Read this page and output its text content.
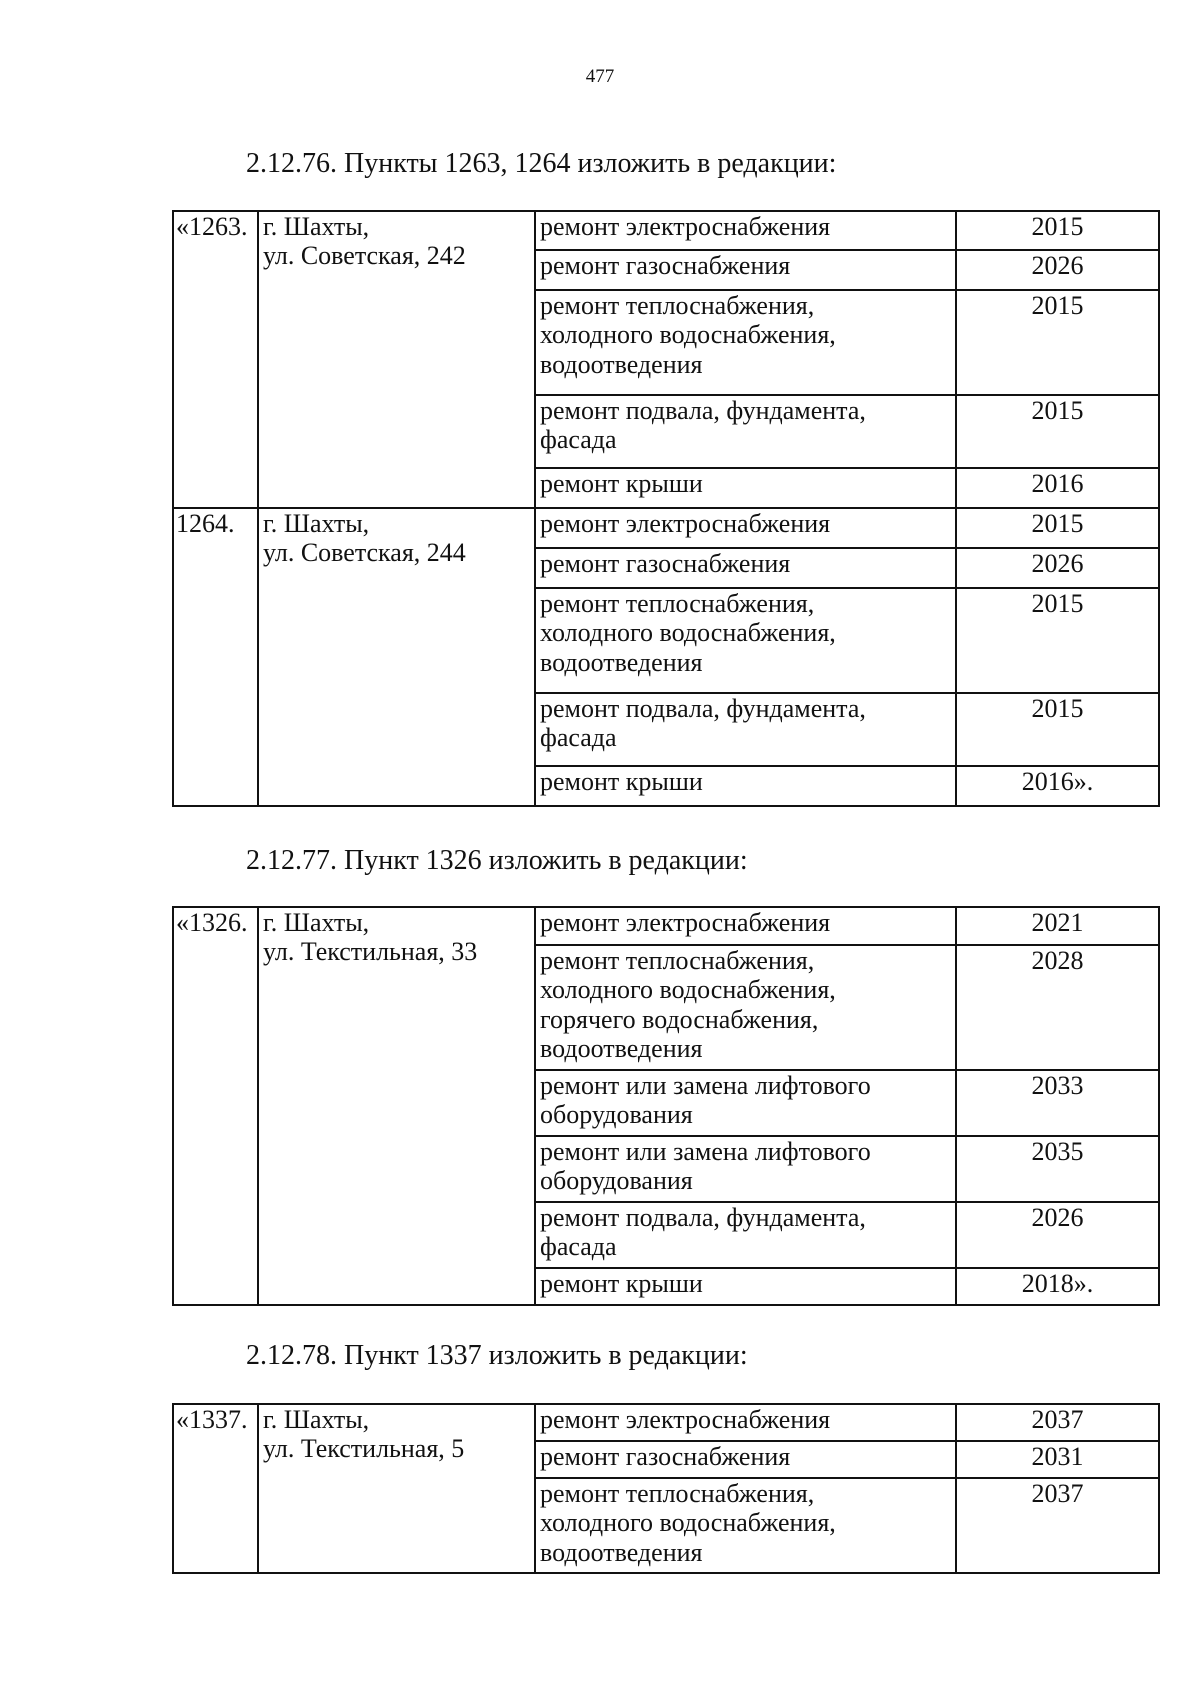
477
2.12.76. Пункты 1263, 1264 изложить в редакции:
«1263.	г. Шахты,
ул. Советская, 242	ремонт электроснабжения	2015
		ремонт газоснабжения	2026
		ремонт теплоснабжения,
холодного водоснабжения,
водоотведения	2015
		ремонт подвала, фундамента,
фасада	2015
		ремонт крыши	2016
1264.	г. Шахты,
ул. Советская, 244	ремонт электроснабжения	2015
		ремонт газоснабжения	2026
		ремонт теплоснабжения,
холодного водоснабжения,
водоотведения	2015
		ремонт подвала, фундамента,
фасада	2015
		ремонт крыши	2016».
2.12.77. Пункт 1326 изложить в редакции:
«1326.	г. Шахты,
ул. Текстильная, 33	ремонт электроснабжения	2021
		ремонт теплоснабжения,
холодного водоснабжения,
горячего водоснабжения,
водоотведения	2028
		ремонт или замена лифтового
оборудования	2033
		ремонт или замена лифтового
оборудования	2035
		ремонт подвала, фундамента,
фасада	2026
		ремонт крыши	2018».
2.12.78. Пункт 1337 изложить в редакции:
«1337.	г. Шахты,
ул. Текстильная, 5	ремонт электроснабжения	2037
		ремонт газоснабжения	2031
		ремонт теплоснабжения,
холодного водоснабжения,
водоотведения	2037
